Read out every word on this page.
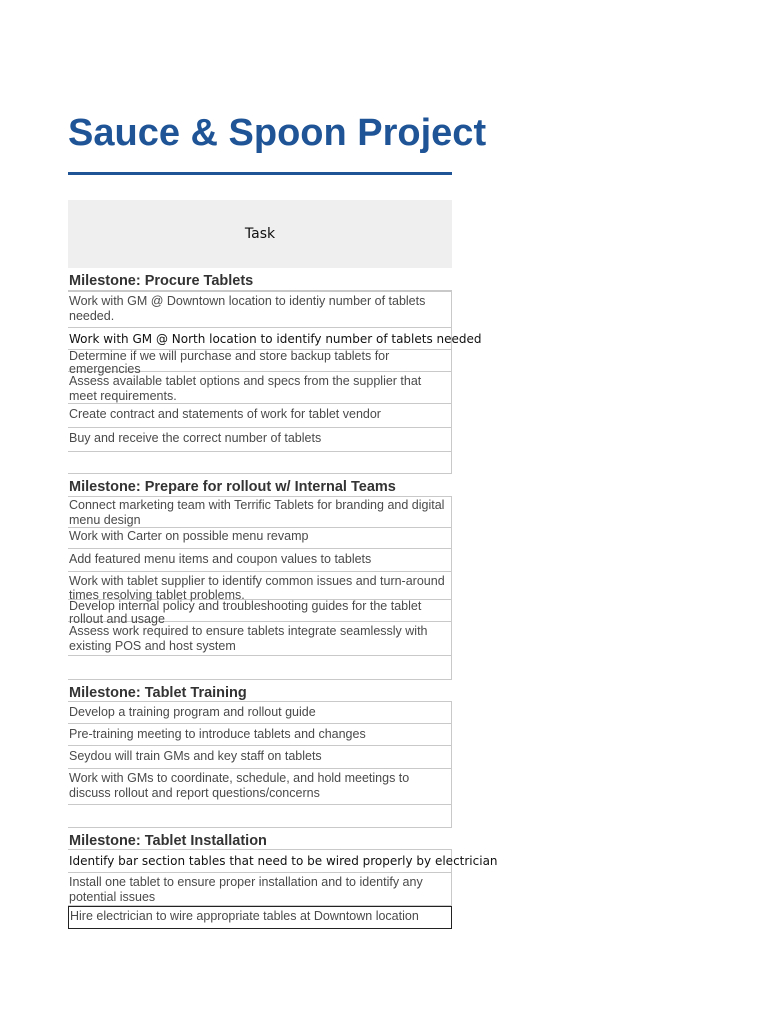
Sauce & Spoon Project
Task
Milestone: Procure Tablets
Work with GM @ Downtown location to identiy number of tablets needed.
Work with GM @ North location to identify number of tablets needed
Determine if we will purchase and store backup tablets for emergencies
Assess available tablet options and specs from the supplier that meet requirements.
Create contract and statements of work for tablet vendor
Buy and receive the correct number of tablets
Milestone: Prepare for rollout w/ Internal Teams
Connect marketing team with Terrific Tablets for branding and digital menu design
Work with Carter on possible menu revamp
Add featured menu items and coupon values to tablets
Work with tablet supplier to identify common issues and turn-around times resolving tablet problems.
Develop internal policy and troubleshooting guides for the tablet rollout and usage
Assess work required to ensure tablets integrate seamlessly with existing POS and host system
Milestone: Tablet Training
Develop a training program and rollout guide
Pre-training meeting to introduce tablets and changes
Seydou will train GMs and key staff on tablets
Work with GMs to coordinate, schedule, and hold meetings to discuss rollout and report questions/concerns
Milestone: Tablet Installation
Identify bar section tables that need to be wired properly by electrician
Install one tablet to ensure proper installation and to identify any potential issues
Hire electrician to wire appropriate tables at Downtown location
